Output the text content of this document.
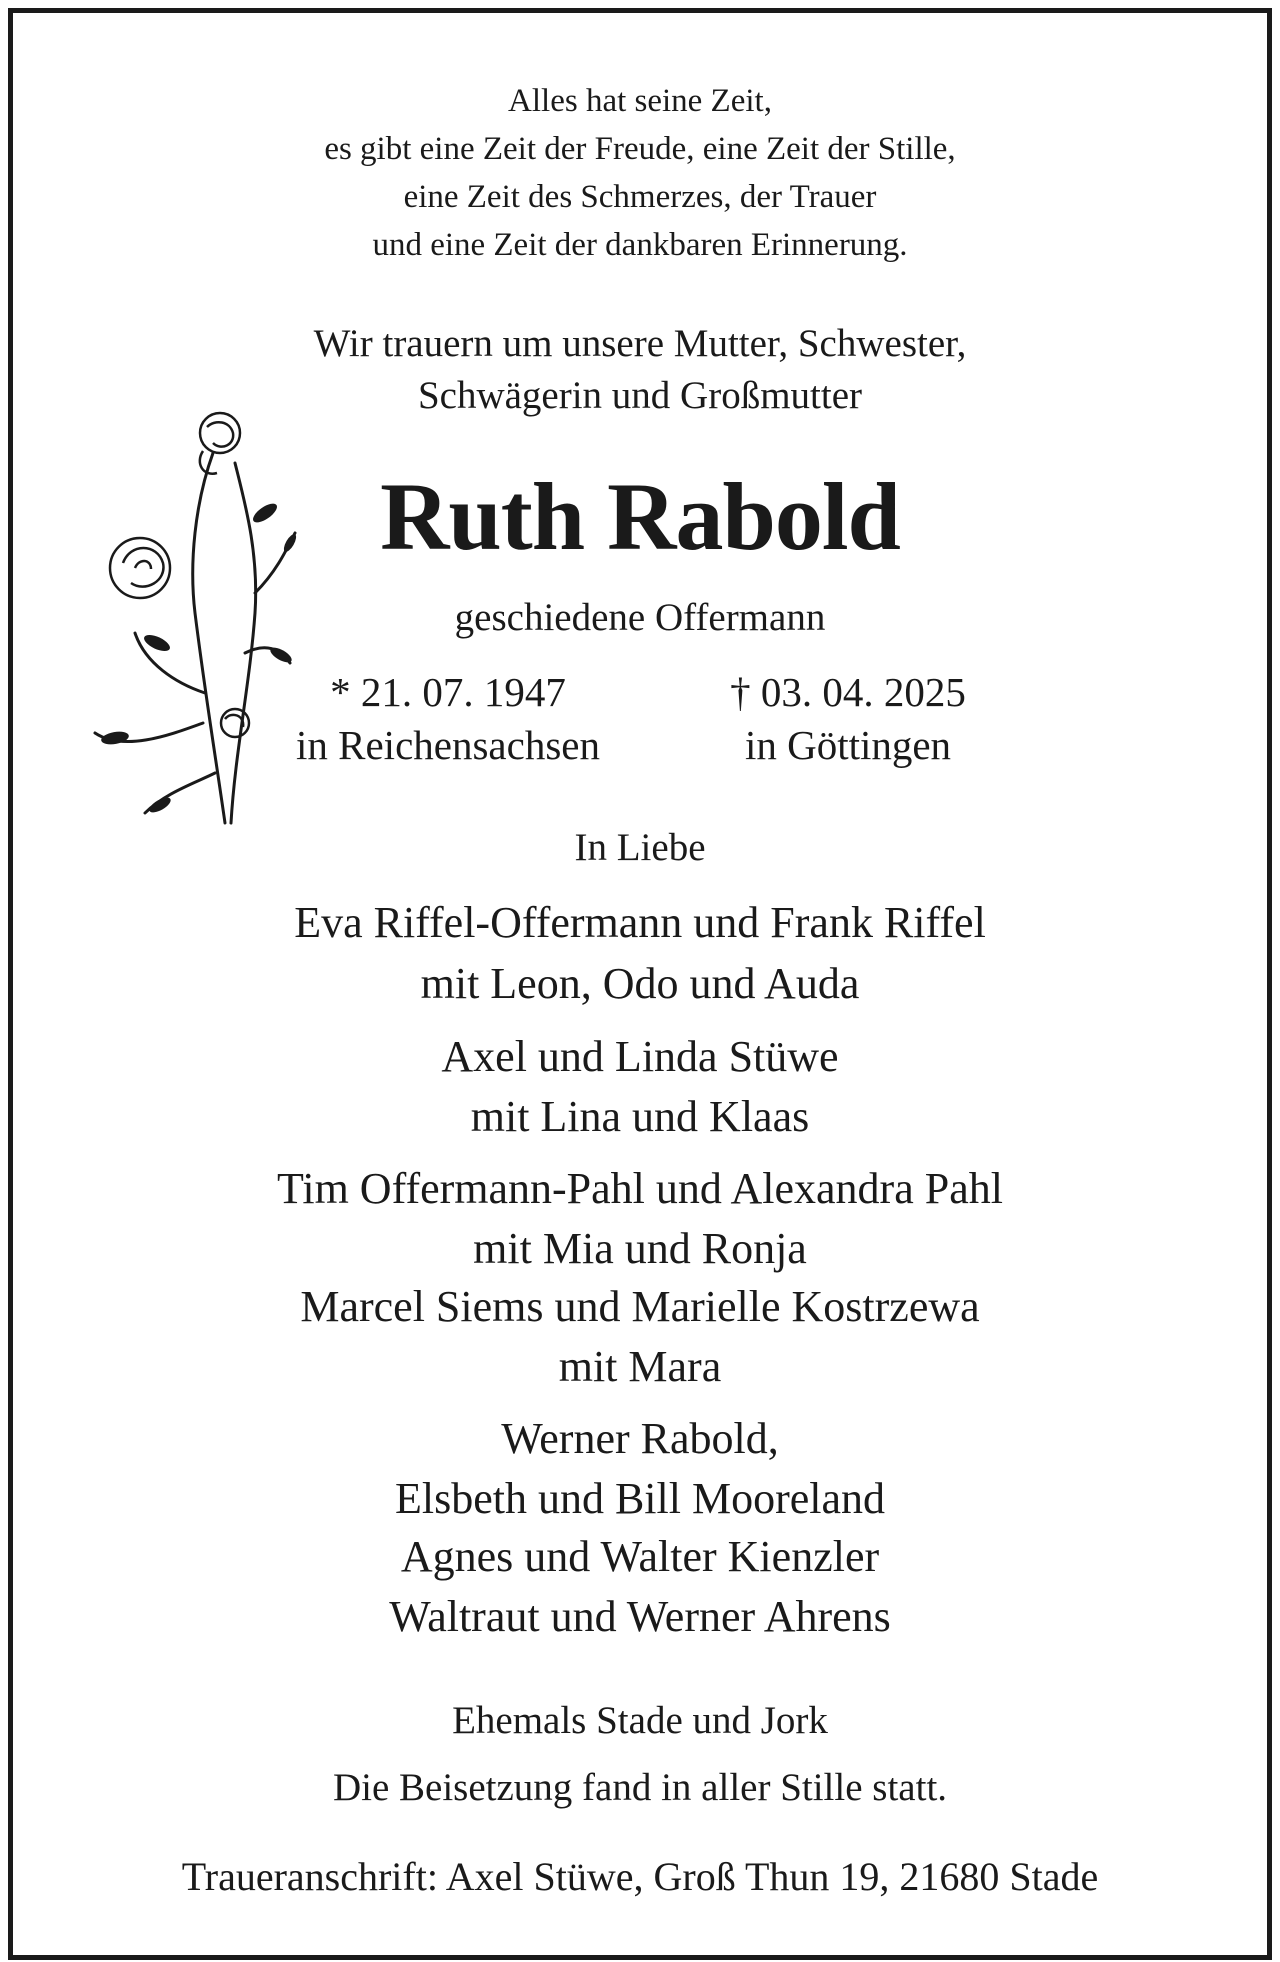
Alles hat seine Zeit,
es gibt eine Zeit der Freude, eine Zeit der Stille,
eine Zeit des Schmerzes, der Trauer
und eine Zeit der dankbaren Erinnerung.
Wir trauern um unsere Mutter, Schwester,
Schwägerin und Großmutter
Ruth Rabold
geschiedene Offermann
* 21. 07. 1947
in Reichensachsen
† 03. 04. 2025
in Göttingen
In Liebe
Eva Riffel-Offermann und Frank Riffel
mit Leon, Odo und Auda
Axel und Linda Stüwe
mit Lina und Klaas
Tim Offermann-Pahl und Alexandra Pahl
mit Mia und Ronja
Marcel Siems und Marielle Kostrzewa
mit Mara
Werner Rabold,
Elsbeth und Bill Mooreland
Agnes und Walter Kienzler
Waltraut und Werner Ahrens
Ehemals Stade und Jork
Die Beisetzung fand in aller Stille statt.
Traueranschrift: Axel Stüwe, Groß Thun 19, 21680 Stade
